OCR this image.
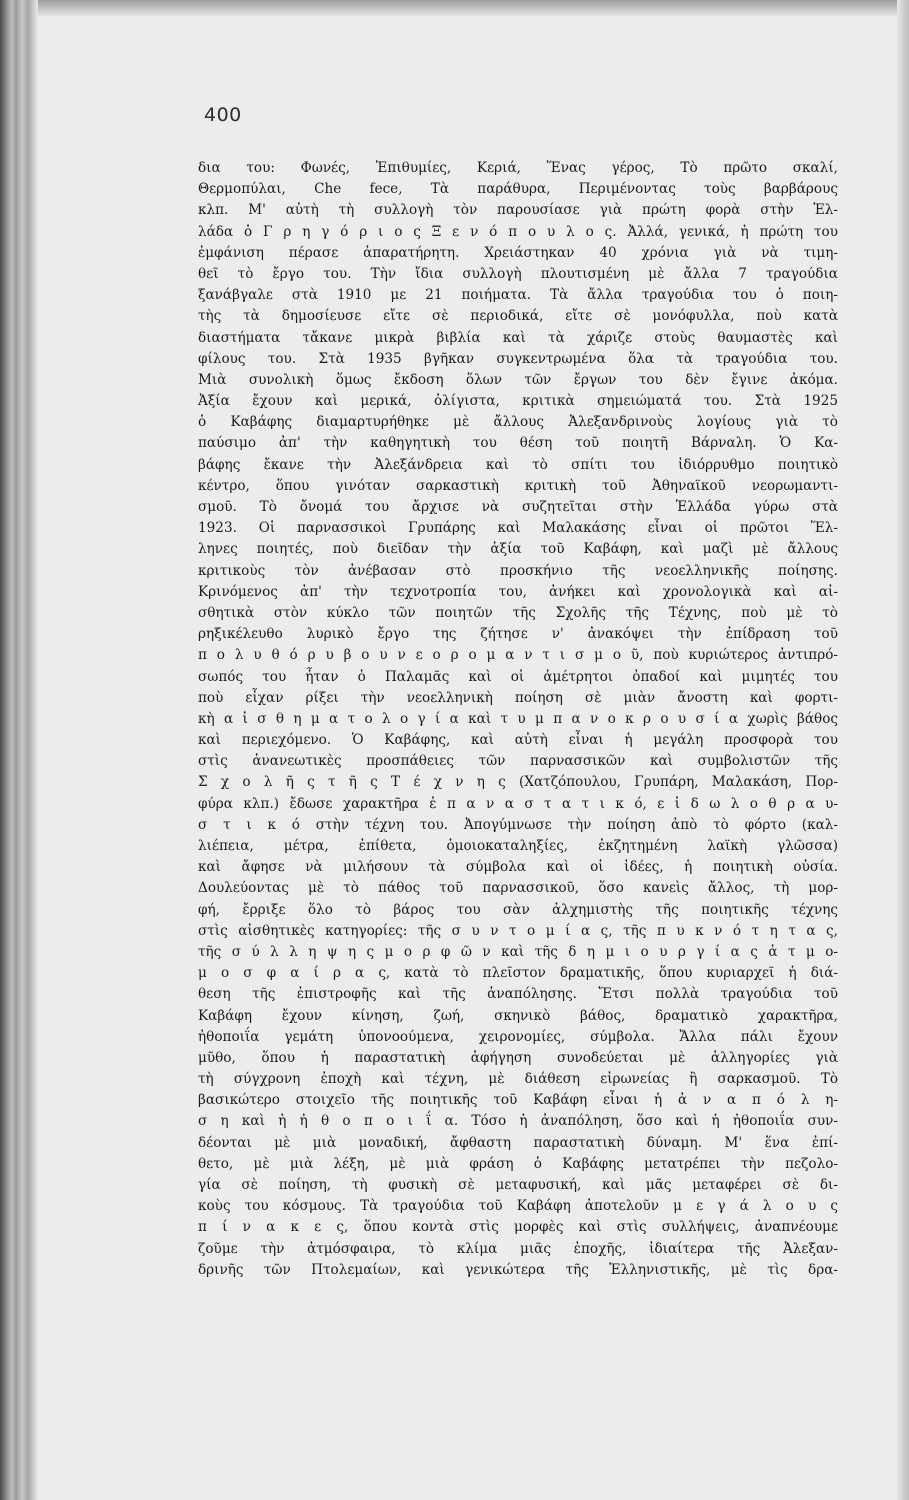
400
δια του: Φωνές, Ἐπιθυμίες, Κεριά, Ἕνας γέρος, Τὸ πρῶτο σκαλί,
Θερμοπύλαι, Che fece, Τὰ παράθυρα, Περιμένοντας τοὺς βαρβάρους
κλπ. Μ' αὐτὴ τὴ συλλογὴ τὸν παρουσίασε γιὰ πρώτη φορὰ στὴν Ἑλ-
λάδα ὁ Γ ρ η γ ό ρ ι ο ς Ξ ε ν ό π ο υ λ ο ς. Ἀλλά, γενικά, ἡ πρώτη του
ἐμφάνιση πέρασε ἀπαρατήρητη. Χρειάστηκαν 40 χρόνια γιὰ νὰ τιμη-
θεῖ τὸ ἔργο του. Τὴν ἴδια συλλογὴ πλουτισμένη μὲ ἄλλα 7 τραγούδια
ξανάβγαλε στὰ 1910 με 21 ποιήματα. Τὰ ἄλλα τραγούδια του ὁ ποιη-
τὴς τὰ δημοσίευσε εἴτε σὲ περιοδικά, εἴτε σὲ μονόφυλλα, ποὺ κατὰ
διαστήματα τἄκανε μικρὰ βιβλία καὶ τὰ χάριζε στοὺς θαυμαστὲς καὶ
φίλους του. Στὰ 1935 βγῆκαν συγκεντρωμένα ὅλα τὰ τραγούδια του.
Μιὰ συνολικὴ ὅμως ἔκδοση ὅλων τῶν ἔργων του δὲν ἔγινε ἀκόμα.
Ἀξία ἔχουν καὶ μερικά, ὀλίγιστα, κριτικὰ σημειώματά του. Στὰ 1925
ὁ Καβάφης διαμαρτυρήθηκε μὲ ἄλλους Ἀλεξανδρινοὺς λογίους γιὰ τὸ
παύσιμο ἀπ' τὴν καθηγητικὴ του θέση τοῦ ποιητῆ Βάρναλη. Ὁ Κα-
βάφης ἔκανε τὴν Ἀλεξάνδρεια καὶ τὸ σπίτι του ἰδιόρρυθμο ποιητικὸ
κέντρο, ὅπου γινόταν σαρκαστικὴ κριτικὴ τοῦ Ἀθηναϊκοῦ νεορωμαντι-
σμοῦ. Τὸ ὄνομά του ἄρχισε νὰ συζητεῖται στὴν Ἑλλάδα γύρω στὰ
1923. Οἱ παρνασσικοὶ Γρυπάρης καὶ Μαλακάσης εἶναι οἱ πρῶτοι Ἕλ-
ληνες ποιητές, ποὺ διεῖδαν τὴν ἀξία τοῦ Καβάφη, καὶ μαζὶ μὲ ἄλλους
κριτικοὺς τὸν ἀνέβασαν στὸ προσκήνιο τῆς νεοελληνικῆς ποίησης.
Κρινόμενος ἀπ' τὴν τεχνοτροπία του, ἀνήκει καὶ χρονολογικὰ καὶ αἰ-
σθητικὰ στὸν κύκλο τῶν ποιητῶν τῆς Σχολῆς τῆς Τέχνης, ποὺ μὲ τὸ
ρηξικέλευθο λυρικὸ ἔργο της ζήτησε ν' ἀνακόψει τὴν ἐπίδραση τοῦ
π ο λ υ θ ό ρ υ β ο υ ν ε ο ρ ο μ α ν τ ι σ μ ο ῦ, ποὺ κυριώτερος ἀντιπρό-
σωπός του ἦταν ὁ Παλαμᾶς καὶ οἱ ἀμέτρητοι ὀπαδοί καὶ μιμητές του
ποὺ εἶχαν ρίξει τὴν νεοελληνικὴ ποίηση σὲ μιὰν ἄνοστη καὶ φορτι-
κὴ α ἰ σ θ η μ α τ ο λ ο γ ί α καὶ τ υ μ π α ν ο κ ρ ο υ σ ί α χωρὶς βάθος
καὶ περιεχόμενο. Ὁ Καβάφης, καὶ αὐτὴ εἶναι ἡ μεγάλη προσφορὰ του
στὶς ἀνανεωτικὲς προσπάθειες τῶν παρνασσικῶν καὶ συμβολιστῶν τῆς
Σ χ ο λ ῆ ς τ ῆ ς Τ έ χ ν η ς (Χατζόπουλου, Γρυπάρη, Μαλακάση, Πορ-
φύρα κλπ.) ἔδωσε χαρακτῆρα ἐ π α ν α σ τ α τ ι κ ό, ε ἰ δ ω λ ο θ ρ α υ-
σ τ ι κ ό στὴν τέχνη του. Ἀπογύμνωσε τὴν ποίηση ἀπὸ τὸ φόρτο (καλ-
λιέπεια, μέτρα, ἐπίθετα, ὁμοιοκαταληξίες, ἐκζητημένη λαϊκὴ γλῶσσα)
καὶ ἄφησε νὰ μιλήσουν τὰ σύμβολα καὶ οἱ ἰδέες, ἡ ποιητικὴ οὐσία.
Δουλεύοντας μὲ τὸ πάθος τοῦ παρνασσικοῦ, ὅσο κανεὶς ἄλλος, τὴ μορ-
φή, ἔρριξε ὅλο τὸ βάρος του σὰν ἀλχημιστὴς τῆς ποιητικῆς τέχνης
στὶς αἰσθητικὲς κατηγορίες: τῆς σ υ ν τ ο μ ί α ς, τῆς π υ κ ν ό τ η τ α ς,
τῆς σ ύ λ λ η ψ η ς μ ο ρ φ ῶ ν καὶ τῆς δ η μ ι ο υ ρ γ ί α ς ἀ τ μ ο-
μ ο σ φ α ί ρ α ς, κατὰ τὸ πλεῖστον δραματικῆς, ὅπου κυριαρχεῖ ἡ διά-
θεση τῆς ἐπιστροφῆς καὶ τῆς ἀναπόλησης. Ἔτσι πολλὰ τραγούδια τοῦ
Καβάφη ἔχουν κίνηση, ζωή, σκηνικὸ βάθος, δραματικὸ χαρακτῆρα,
ἠθοποιΐα γεμάτη ὑπονοούμενα, χειρονομίες, σύμβολα. Ἄλλα πάλι ἔχουν
μῦθο, ὅπου ἡ παραστατικὴ ἀφήγηση συνοδεύεται μὲ ἀλληγορίες γιὰ
τὴ σύγχρονη ἐποχὴ καὶ τέχνη, μὲ διάθεση εἰρωνείας ἢ σαρκασμοῦ. Τὸ
βασικώτερο στοιχεῖο τῆς ποιητικῆς τοῦ Καβάφη εἶναι ἡ ἀ ν α π ό λ η-
σ η καὶ ἡ ἠ θ ο π ο ι ΐ α. Τόσο ἡ ἀναπόληση, ὅσο καὶ ἡ ἠθοποιΐα συν-
δέονται μὲ μιὰ μοναδική, ἄφθαστη παραστατικὴ δύναμη. Μ' ἕνα ἐπί-
θετο, μὲ μιὰ λέξη, μὲ μιὰ φράση ὁ Καβάφης μετατρέπει τὴν πεζολο-
γία σὲ ποίηση, τὴ φυσικὴ σὲ μεταφυσική, καὶ μᾶς μεταφέρει σὲ δι-
κοὺς του κόσμους. Τὰ τραγούδια τοῦ Καβάφη ἀποτελοῦν μ ε γ ά λ ο υ ς
π ί ν α κ ε ς, ὅπου κοντὰ στὶς μορφὲς καὶ στὶς συλλήψεις, ἀναπνέουμε
ζοῦμε τὴν ἀτμόσφαιρα, τὸ κλίμα μιᾶς ἐποχῆς, ἰδιαίτερα τῆς Ἀλεξαν-
δρινῆς τῶν Πτολεμαίων, καὶ γενικώτερα τῆς Ἑλληνιστικῆς, μὲ τὶς δρα-
